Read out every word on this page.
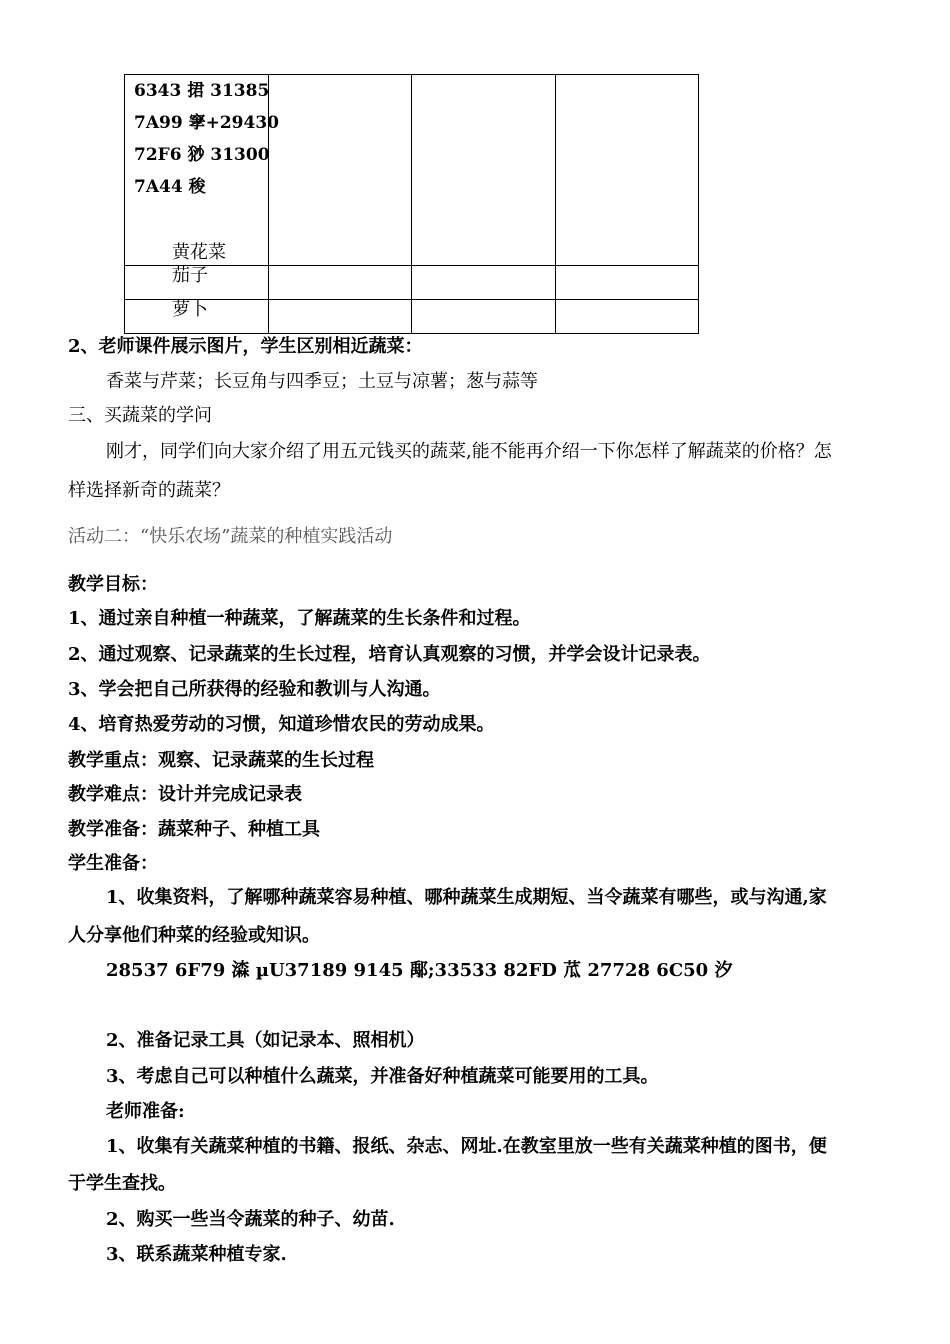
6343 捃 31385
7A99 窙+29430
72F6 猀 31300
7A44 稄
黄花菜			

茄子			

萝卜			

2、老师课件展示图片，学生区别相近蔬菜：
香菜与芹菜；长豆角与四季豆；土豆与凉薯；葱与蒜等
三、买蔬菜的学问
刚才，同学们向大家介绍了用五元钱买的蔬菜,能不能再介绍一下你怎样了解蔬菜的价格？怎
样选择新奇的蔬菜？
活动二：“快乐农场”蔬菜的种植实践活动
教学目标：
1、通过亲自种植一种蔬菜，了解蔬菜的生长条件和过程。
2、通过观察、记录蔬菜的生长过程，培育认真观察的习惯，并学会设计记录表。
3、学会把自己所获得的经验和教训与人沟通。
4、培育热爱劳动的习惯，知道珍惜农民的劳动成果。
教学重点：观察、记录蔬菜的生长过程
教学难点：设计并完成记录表
教学准备：蔬菜种子、种植工具
学生准备：
1、收集资料，了解哪种蔬菜容易种植、哪种蔬菜生成期短、当令蔬菜有哪些，或与沟通,家
人分享他们种菜的经验或知识。
28537 6F79 潹 µU37189 9145 鄅;33533 82FD 苽 27728 6C50 汐
2、准备记录工具（如记录本、照相机）
3、考虑自己可以种植什么蔬菜，并准备好种植蔬菜可能要用的工具。
老师准备:
1、收集有关蔬菜种植的书籍、报纸、杂志、网址.在教室里放一些有关蔬菜种植的图书，便
于学生查找。
2、购买一些当令蔬菜的种子、幼苗.
3、联系蔬菜种植专家.
